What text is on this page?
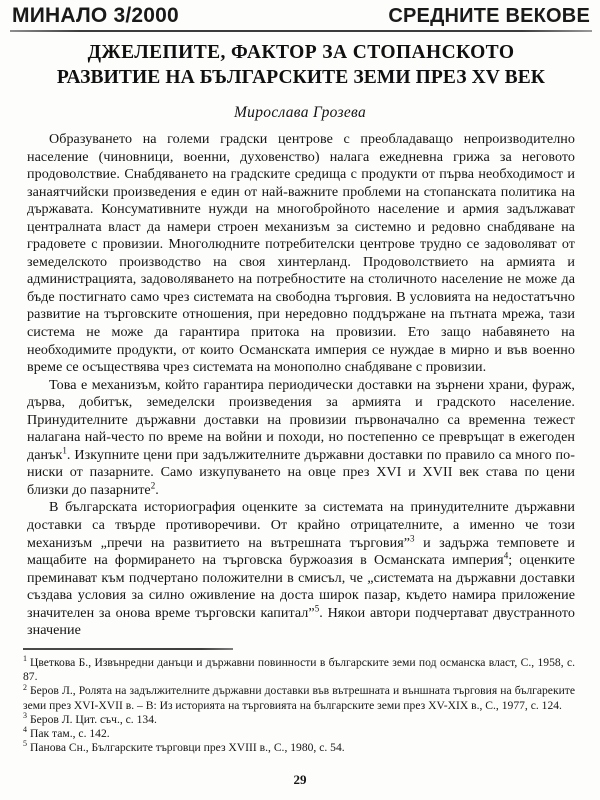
МИНАЛО 3/2000	СРЕДНИТЕ ВЕКОВЕ
ДЖЕЛЕПИТЕ, ФАКТОР ЗА СТОПАНСКОТО
РАЗВИТИЕ НА БЪЛГАРСКИТЕ ЗЕМИ ПРЕЗ XV ВЕК
Мирослава Грозева

Образуването на големи градски центрове с преобладаващо непроизводително население (чиновници, военни, духовенство) налага ежедневна грижа за неговото продоволствие. Снабдяването на градските средища с продукти от първа необходимост и занаятчийски произведения е един от най-важните проблеми на стопанската политика на държавата. Консумативните нужди на многобройното население и армия задължават централната власт да намери строен механизъм за системно и редовно снабдяване на градовете с провизии. Многолюдните потребителски центрове трудно се задоволяват от земеделското производство на своя хинтерланд. Продоволствието на армията и администрацията, задоволяването на потребностите на столичното население не може да бъде постигнато само чрез системата на свободна търговия. В условията на недостатъчно развитие на търговските отношения, при нередовно поддържане на пътната мрежа, тази система не може да гарантира притока на провизии. Ето защо набавянето на необходимите продукти, от които Османската империя се нуждае в мирно и във военно време се осъществява чрез системата на монополно снабдяване с провизии.

Това е механизъм, който гарантира периодически доставки на зърнени храни, фураж, дърва, добитък, земеделски произведения за армията и градското население. Принудителните държавни доставки на провизии първоначално са временна тежест налагана най-често по време на войни и походи, но постепенно се превръщат в ежегоден данък$^1$. Изкупните цени при задължителните държавни доставки по правило са много по-ниски от пазарните. Само изкупуването на овце през XVI и XVII век става по цени близки до пазарните$^2$.

В българската историография оценките за системата на принудителните държавни доставки са твърде противоречиви. От крайно отрицателните, а именно че този механизъм „пречи на развитието на вътрешната търговия”$^3$ и задържа темповете и мащабите на формирането на търговска буржоазия в Османската империя$^4$; оценките преминават към подчертано положителни в смисъл, че „системата на държавни доставки създава условия за силно оживление на доста широк пазар, където намира приложение значителен за онова време търговски капитал”$^5$. Някои автори подчертават двустранното значение

$^1$ Цветкова Б., Извънредни данъци и държавни повинности в българските земи под османска власт, С., 1958, с. 87.

$^2$ Беров Л., Ролята на задължителните държавни доставки във вътрешната и външната търговия на българеките земи през XVI-XVII в. – В: Из историята на търговията на българските земи през XV-XIX в., С., 1977, с. 124.

$^3$ Беров Л. Цит. съч., с. 134.

$^4$ Пак там., с. 142.

$^5$ Панова Сн., Българските търговци през XVIII в., С., 1980, с. 54.

29
